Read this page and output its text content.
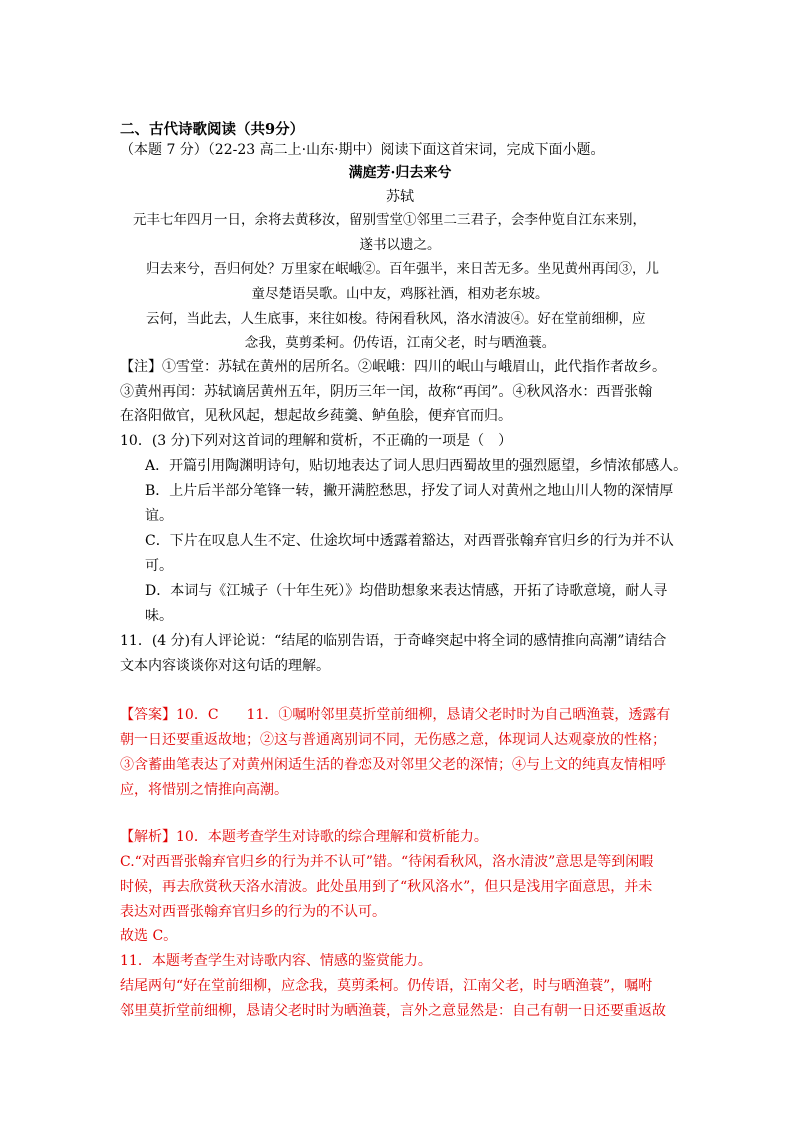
二、古代诗歌阅读（共9分）
（本题 7 分）（22-23 高二上·山东·期中）阅读下面这首宋词，完成下面小题。
满庭芳·归去来兮
苏轼
元丰七年四月一日，余将去黄移汝，留别雪堂①邻里二三君子，会李仲览自江东来别，
遂书以遗之。
归去来兮，吾归何处？万里家在岷峨②。百年强半，来日苦无多。坐见黄州再闰③，儿
童尽楚语吴歌。山中友，鸡豚社酒，相劝老东坡。
云何，当此去，人生底事，来往如梭。待闲看秋风，洛水清波④。好在堂前细柳，应
念我，莫剪柔柯。仍传语，江南父老，时与晒渔蓑。
【注】①雪堂：苏轼在黄州的居所名。②岷峨：四川的岷山与峨眉山，此代指作者故乡。
③黄州再闰：苏轼谪居黄州五年，阴历三年一闰，故称“再闰”。④秋风洛水：西晋张翰
在洛阳做官，见秋风起，想起故乡莼羹、鲈鱼脍，便弃官而归。
10．(3 分)下列对这首词的理解和赏析，不正确的一项是（　）
A．开篇引用陶渊明诗句，贴切地表达了词人思归西蜀故里的强烈愿望，乡情浓郁感人。
B．上片后半部分笔锋一转，撇开满腔愁思，抒发了词人对黄州之地山川人物的深情厚
谊。
C．下片在叹息人生不定、仕途坎坷中透露着豁达，对西晋张翰弃官归乡的行为并不认
可。
D．本词与《江城子（十年生死）》均借助想象来表达情感，开拓了诗歌意境，耐人寻
味。
11．(4 分)有人评论说：“结尾的临别告语，于奇峰突起中将全词的感情推向高潮”请结合
文本内容谈谈你对这句话的理解。
【答案】10．C　　11．①嘱咐邻里莫折堂前细柳，恳请父老时时为自己晒渔蓑，透露有
朝一日还要重返故地；②这与普通离别词不同，无伤感之意，体现词人达观豪放的性格；
③含蓄曲笔表达了对黄州闲适生活的眷恋及对邻里父老的深情；④与上文的纯真友情相呼
应，将惜别之情推向高潮。
【解析】10．本题考查学生对诗歌的综合理解和赏析能力。
C.“对西晋张翰弃官归乡的行为并不认可”错。“待闲看秋风，洛水清波”意思是等到闲暇
时候，再去欣赏秋天洛水清波。此处虽用到了“秋风洛水”，但只是浅用字面意思，并未
表达对西晋张翰弃官归乡的行为的不认可。
故选 C。
11．本题考查学生对诗歌内容、情感的鉴赏能力。
结尾两句“好在堂前细柳，应念我，莫剪柔柯。仍传语，江南父老，时与晒渔蓑”，嘱咐
邻里莫折堂前细柳，恳请父老时时为晒渔蓑，言外之意显然是：自己有朝一日还要重返故
